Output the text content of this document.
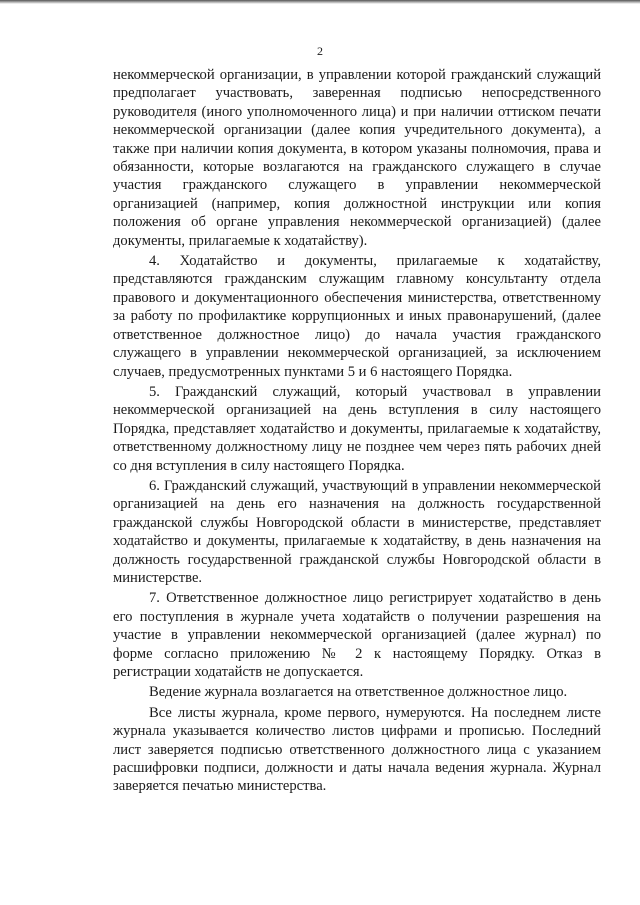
2

некоммерческой организации, в управлении которой гражданский служащий предполагает участвовать, заверенная подписью непосредственного руководителя (иного уполномоченного лица) и при наличии оттиском печати некоммерческой организации (далее копия учредительного документа), а также при наличии копия документа, в котором указаны полномочия, права и обязанности, которые возлагаются на гражданского служащего в случае участия гражданского служащего в управлении некоммерческой организацией (например, копия должностной инструкции или копия положения об органе управления некоммерческой организацией) (далее документы, прилагаемые к ходатайству).

4. Ходатайство и документы, прилагаемые к ходатайству, представляются гражданским служащим главному консультанту отдела правового и документационного обеспечения министерства, ответственному за работу по профилактике коррупционных и иных правонарушений, (далее ответственное должностное лицо) до начала участия гражданского служащего в управлении некоммерческой организацией, за исключением случаев, предусмотренных пунктами 5 и 6 настоящего Порядка.

5. Гражданский служащий, который участвовал в управлении некоммерческой организацией на день вступления в силу настоящего Порядка, представляет ходатайство и документы, прилагаемые к ходатайству, ответственному должностному лицу не позднее чем через пять рабочих дней со дня вступления в силу настоящего Порядка.

6. Гражданский служащий, участвующий в управлении некоммерческой организацией на день его назначения на должность государственной гражданской службы Новгородской области в министерстве, представляет ходатайство и документы, прилагаемые к ходатайству, в день назначения на должность государственной гражданской службы Новгородской области в министерстве.

7. Ответственное должностное лицо регистрирует ходатайство в день его поступления в журнале учета ходатайств о получении разрешения на участие в управлении некоммерческой организацией (далее журнал) по форме согласно приложению № 2 к настоящему Порядку. Отказ в регистрации ходатайств не допускается.

Ведение журнала возлагается на ответственное должностное лицо.

Все листы журнала, кроме первого, нумеруются. На последнем листе журнала указывается количество листов цифрами и прописью. Последний лист заверяется подписью ответственного должностного лица с указанием расшифровки подписи, должности и даты начала ведения журнала. Журнал заверяется печатью министерства.
